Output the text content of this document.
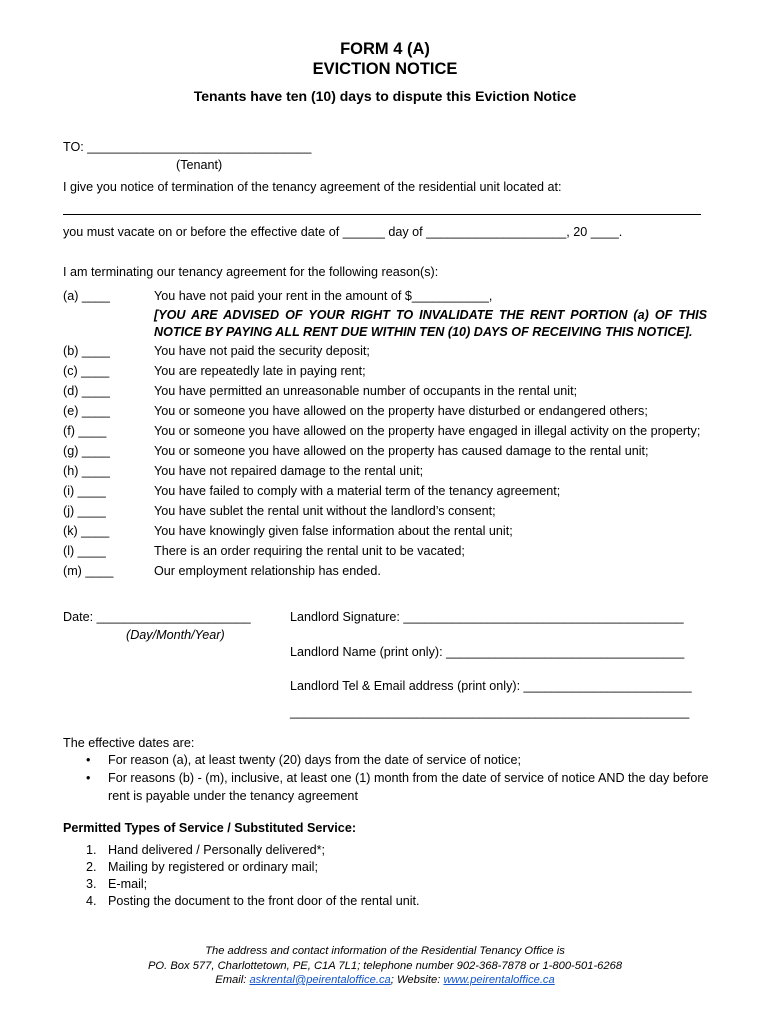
FORM 4 (A)
EVICTION NOTICE
Tenants have ten (10) days to dispute this Eviction Notice
TO: ________________________________
(Tenant)
I give you notice of termination of the tenancy agreement of the residential unit located at:
you must vacate on or before the effective date of ______ day of ____________________, 20 ____.
I am terminating our tenancy agreement for the following reason(s):
(a) ____	You have not paid your rent in the amount of $___________,
[YOU ARE ADVISED OF YOUR RIGHT TO INVALIDATE THE RENT PORTION (a) OF THIS
NOTICE BY PAYING ALL RENT DUE WITHIN TEN (10) DAYS OF RECEIVING THIS NOTICE].
(b) ____	You have not paid the security deposit;
(c) ____	You are repeatedly late in paying rent;
(d) ____	You have permitted an unreasonable number of occupants in the rental unit;
(e) ____	You or someone you have allowed on the property have disturbed or endangered others;
(f) ____	You or someone you have allowed on the property have engaged in illegal activity on the property;
(g) ____	You or someone you have allowed on the property has caused damage to the rental unit;
(h) ____	You have not repaired damage to the rental unit;
(i) ____	You have failed to comply with a material term of the tenancy agreement;
(j) ____	You have sublet the rental unit without the landlord’s consent;
(k) ____	You have knowingly given false information about the rental unit;
(l) ____	There is an order requiring the rental unit to be vacated;
(m) ____	Our employment relationship has ended.
Date: ______________________
(Day/Month/Year)
Landlord Signature: ________________________________________
Landlord Name (print only): __________________________________
Landlord Tel & Email address (print only): ________________________
_________________________________________________________
The effective dates are:
• For reason (a), at least twenty (20) days from the date of service of notice;
• For reasons (b) - (m), inclusive, at least one (1) month from the date of service of notice AND the day before
rent is payable under the tenancy agreement
Permitted Types of Service / Substituted Service:
1. Hand delivered / Personally delivered*;
2. Mailing by registered or ordinary mail;
3. E-mail;
4. Posting the document to the front door of the rental unit.
The address and contact information of the Residential Tenancy Office is
PO. Box 577, Charlottetown, PE, C1A 7L1; telephone number 902-368-7878 or 1-800-501-6268
Email: askrental@peirentaloffice.ca; Website: www.peirentaloffice.ca
